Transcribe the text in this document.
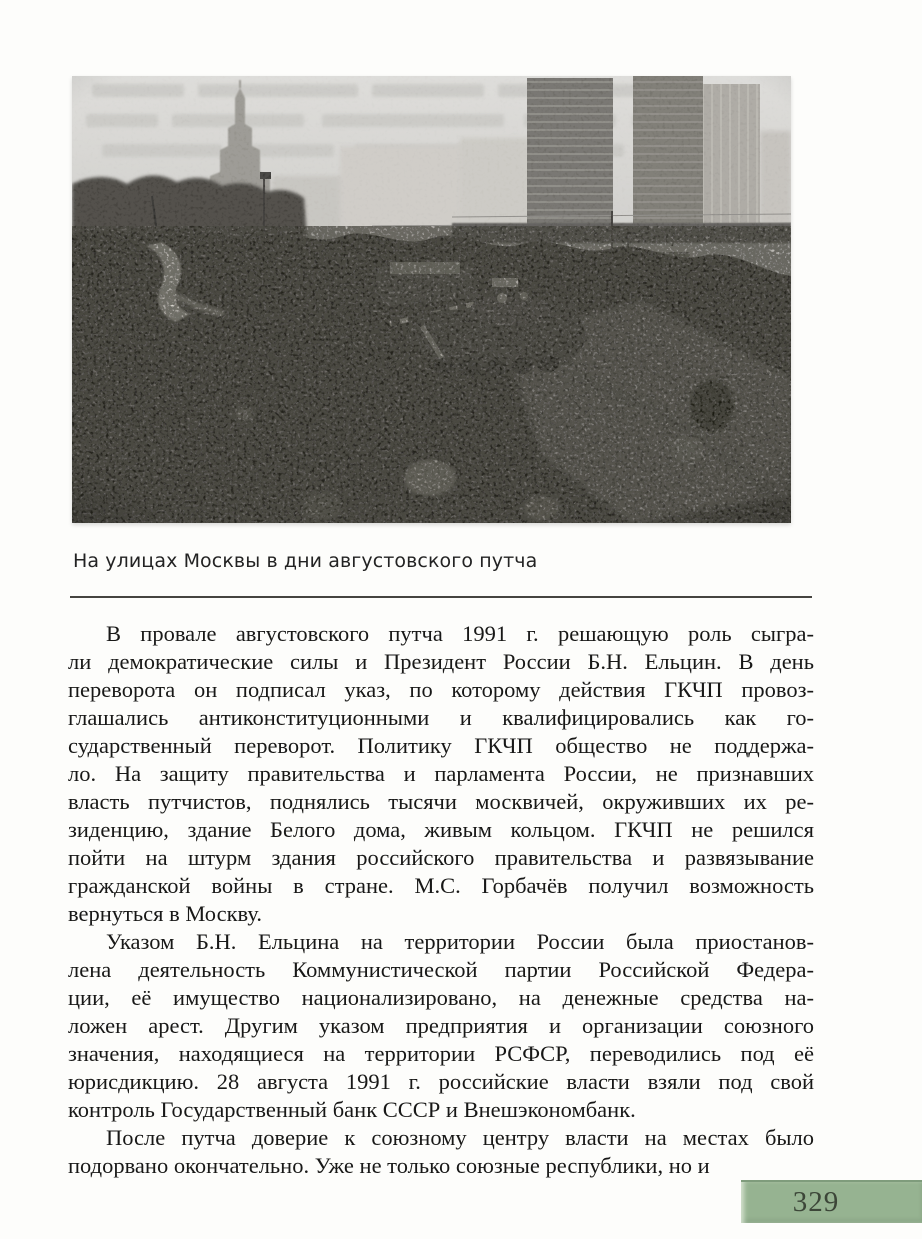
На улицах Москвы в дни августовского путча
В провале августовского путча 1991 г. решающую роль сыгра-
ли демократические силы и Президент России Б.Н. Ельцин. В день
переворота он подписал указ, по которому действия ГКЧП провоз-
глашались антиконституционными и квалифицировались как го-
сударственный переворот. Политику ГКЧП общество не поддержа-
ло. На защиту правительства и парламента России, не признавших
власть путчистов, поднялись тысячи москвичей, окруживших их ре-
зиденцию, здание Белого дома, живым кольцом. ГКЧП не решился
пойти на штурм здания российского правительства и развязывание
гражданской войны в стране. М.С. Горбачёв получил возможность
вернуться в Москву.
Указом Б.Н. Ельцина на территории России была приостанов-
лена деятельность Коммунистической партии Российской Федера-
ции, её имущество национализировано, на денежные средства на-
ложен арест. Другим указом предприятия и организации союзного
значения, находящиеся на территории РСФСР, переводились под её
юрисдикцию. 28 августа 1991 г. российские власти взяли под свой
контроль Государственный банк СССР и Внешэкономбанк.
После путча доверие к союзному центру власти на местах было
подорвано окончательно. Уже не только союзные республики, но и
329
